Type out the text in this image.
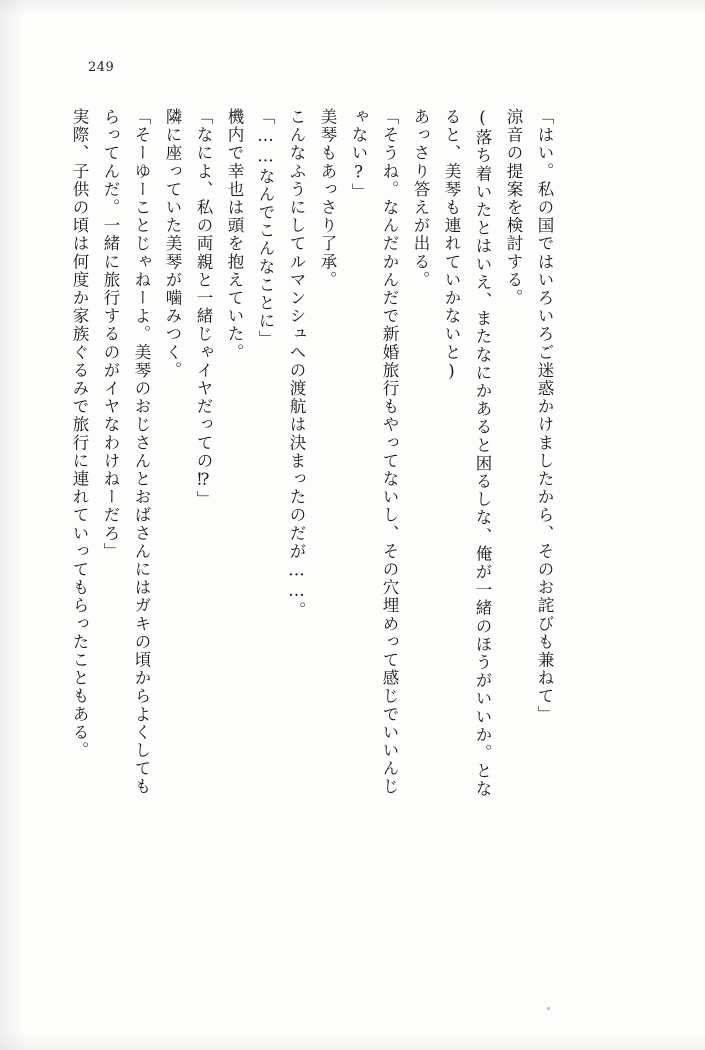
249
実際、子供の頃は何度か家族ぐるみで旅行に連れていってもらったこともある。 らってんだ。一緒に旅行するのがイヤなわけねーだろ」 「そーゆーことじゃねーよ。美琴のおじさんとおばさんにはガキの頃からよくしても 隣に座っていた美琴が噛みつく。 「なによ、私の両親と一緒じゃイヤだっての⁉」 機内で幸也は頭を抱えていた。 「……なんでこんなことに」 こんなふうにしてルマンシュへの渡航は決まったのだが……。 美琴もあっさり了承。 ゃない?」 「そうね。なんだかんだで新婚旅行もやってないし、その穴埋めって感じでいいんじ あっさり答えが出る。 ると、美琴も連れていかないと) (落ち着いたとはいえ、またなにかあると困るしな、俺が一緒のほうがいいか。とな 涼音の提案を検討する。 「はい。私の国ではいろいろご迷惑かけましたから、そのお詫びも兼ねて」
